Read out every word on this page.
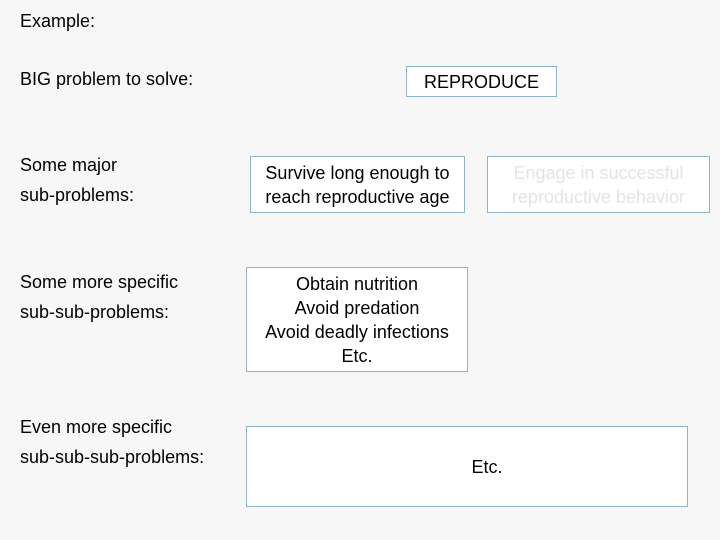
Example:
BIG problem to solve:
Some major
sub-problems:
Some more specific
sub-sub-problems:
Even more specific
sub-sub-sub-problems:
REPRODUCE
Survive long enough to
reach reproductive age
Engage in successful
reproductive behavior
Obtain nutrition
Avoid predation
Avoid deadly infections
Etc.
Etc.
